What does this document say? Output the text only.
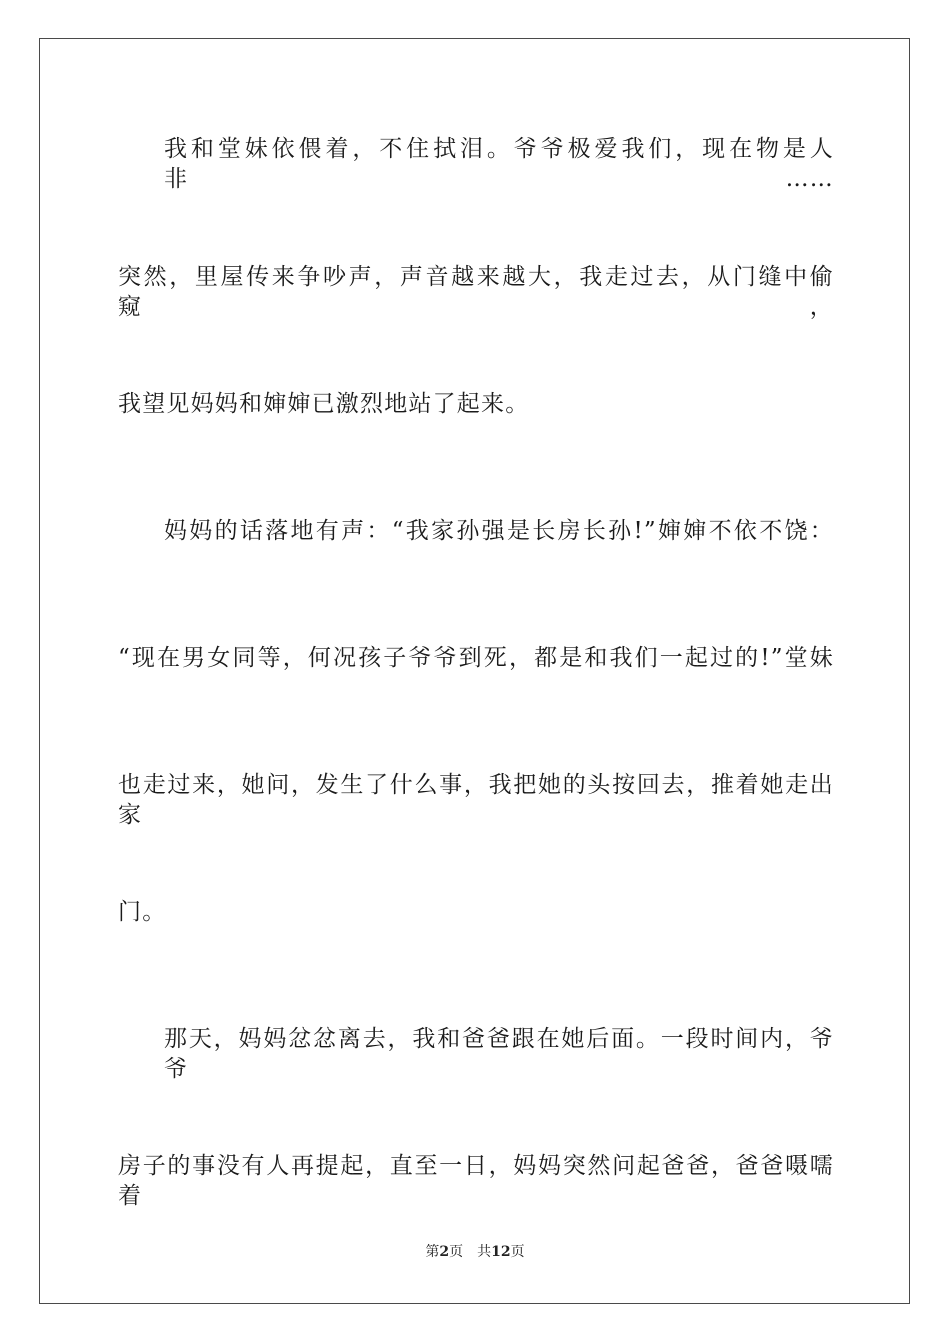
我和堂妹依偎着，不住拭泪。爷爷极爱我们，现在物是人非……
突然，里屋传来争吵声，声音越来越大，我走过去，从门缝中偷窥，
我望见妈妈和婶婶已激烈地站了起来。
妈妈的话落地有声：“我家孙强是长房长孙!”婶婶不依不饶：
“现在男女同等，何况孩子爷爷到死，都是和我们一起过的!”堂妹
也走过来，她问，发生了什么事，我把她的头按回去，推着她走出家
门。
那天，妈妈忿忿离去，我和爸爸跟在她后面。一段时间内，爷爷
房子的事没有人再提起，直至一日，妈妈突然问起爸爸，爸爸嗫嚅着
第2页 共12页
